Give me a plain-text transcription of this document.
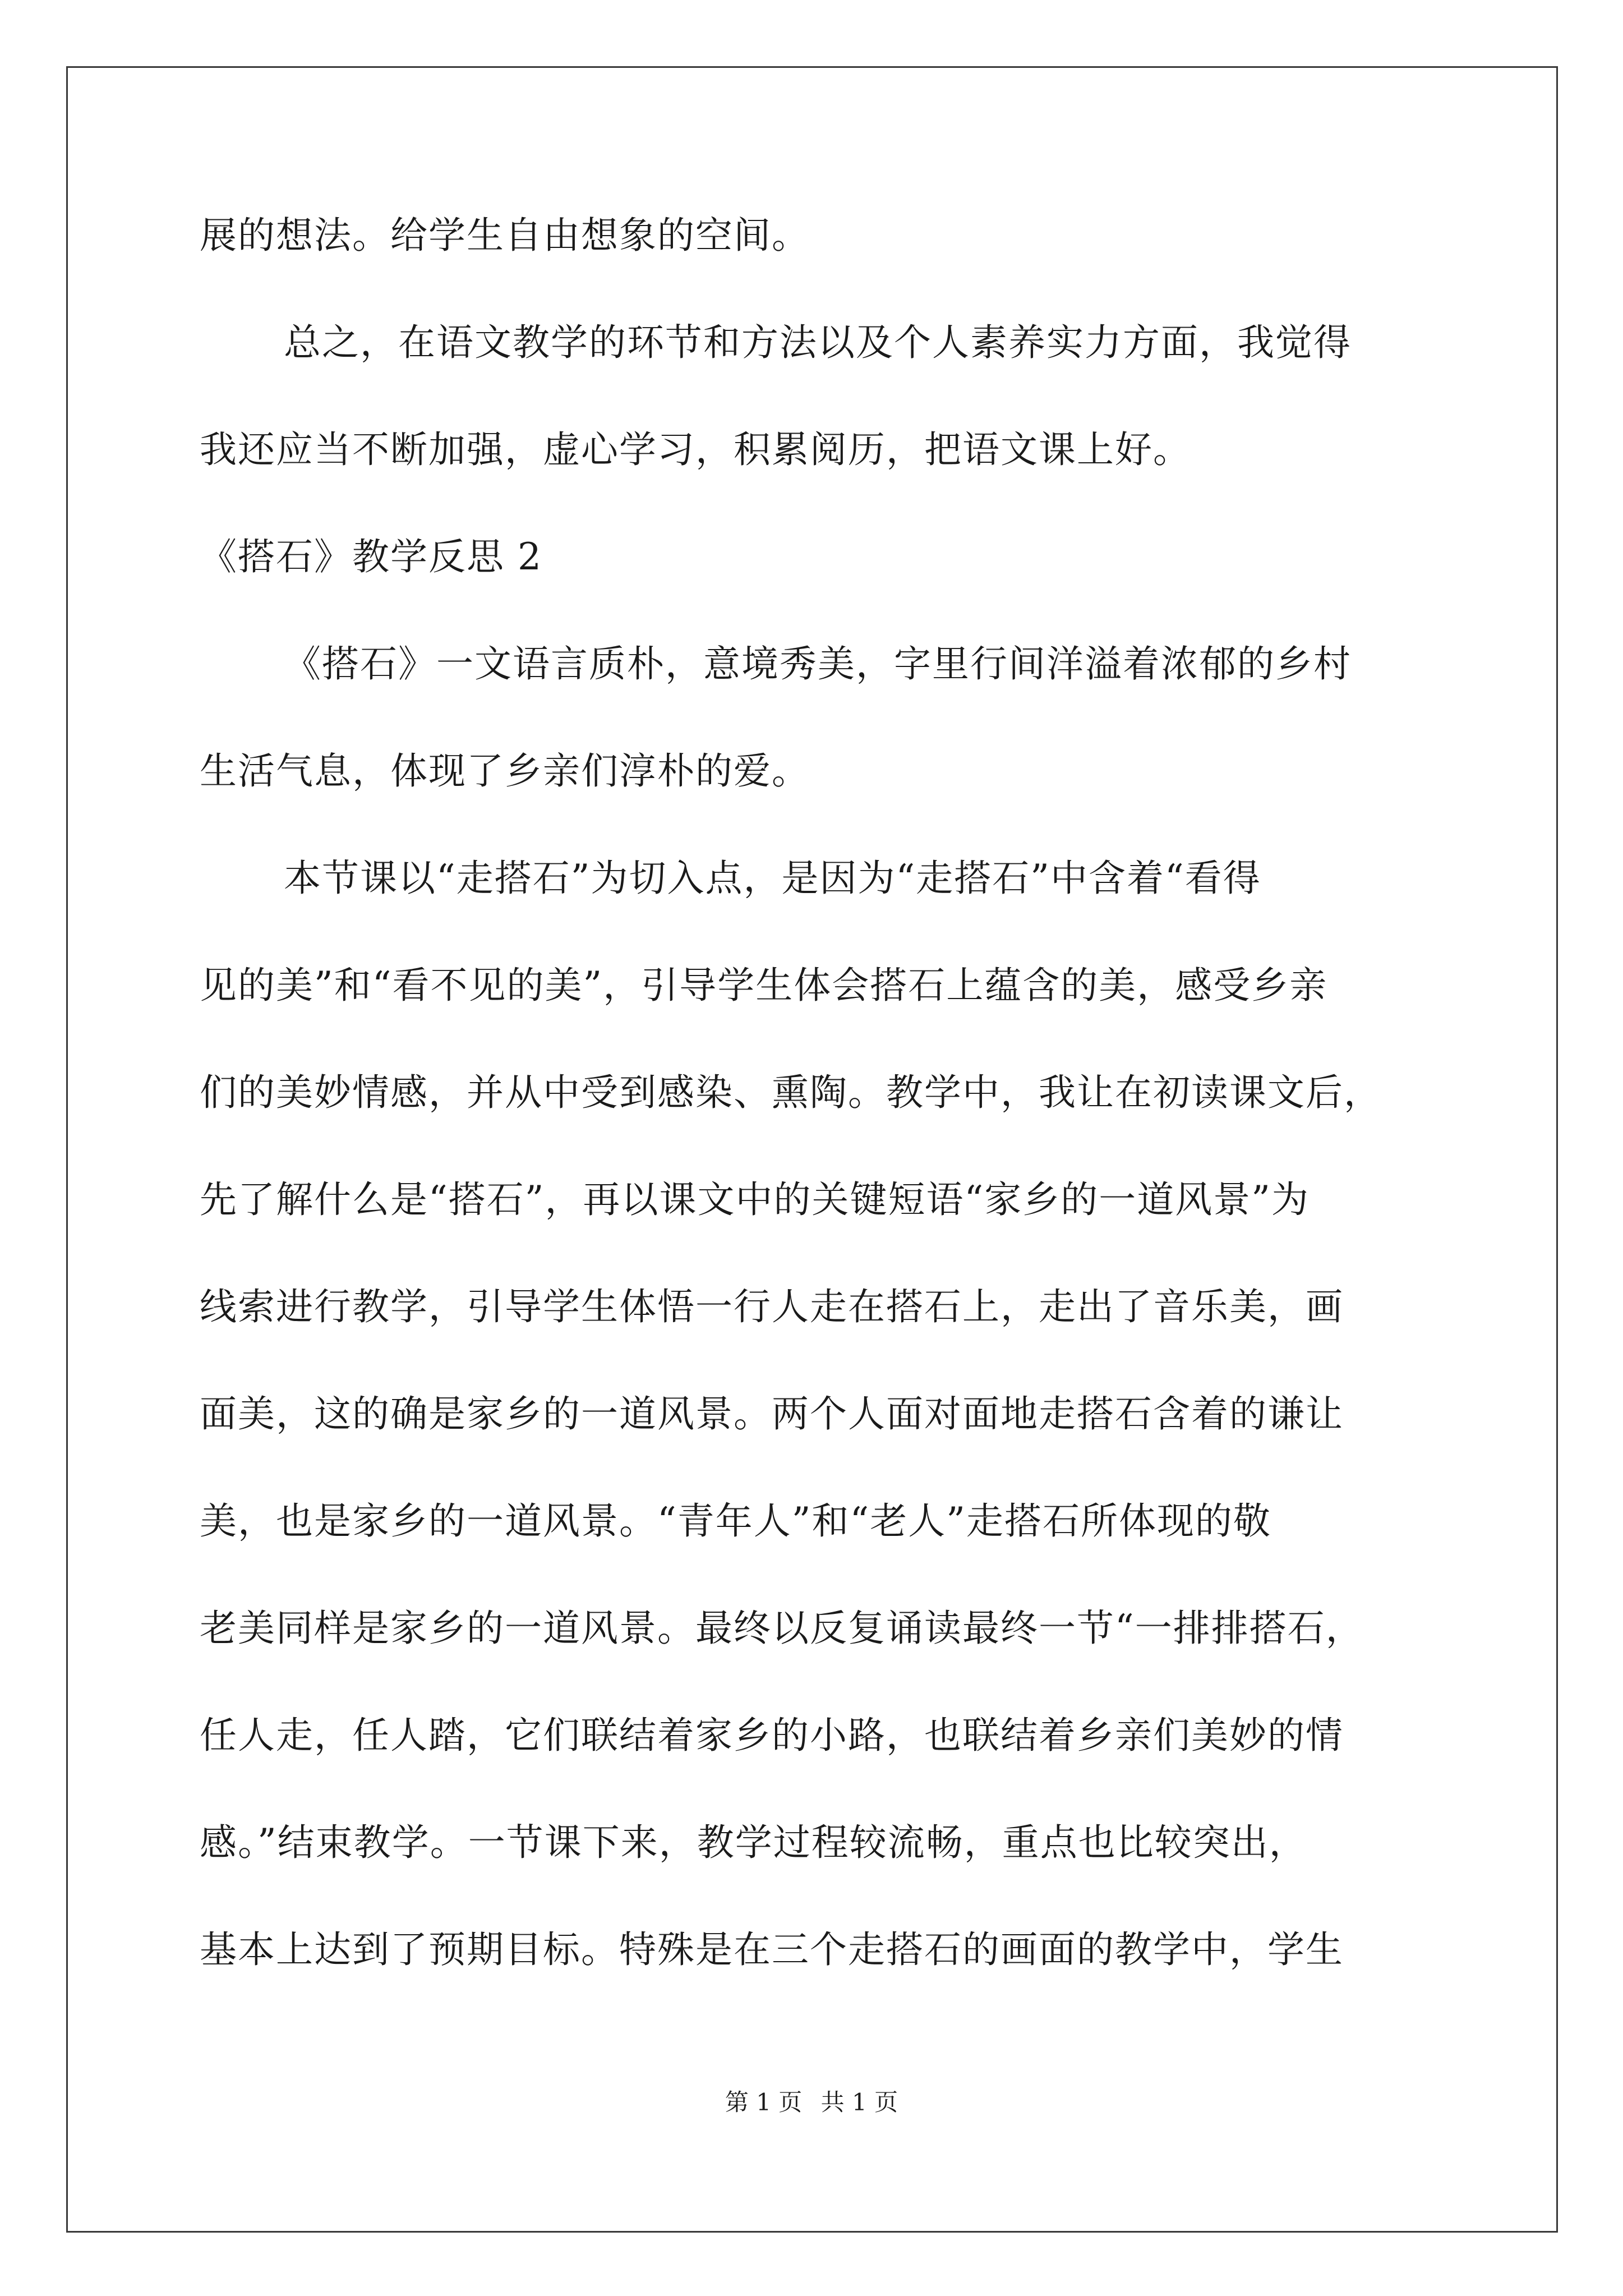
展的想法。给学生自由想象的空间。
总之，在语文教学的环节和方法以及个人素养实力方面，我觉得
我还应当不断加强，虚心学习，积累阅历，把语文课上好。
《搭石》教学反思 2
《搭石》一文语言质朴，意境秀美，字里行间洋溢着浓郁的乡村
生活气息，体现了乡亲们淳朴的爱。
本节课以“走搭石”为切入点，是因为“走搭石”中含着“看得
见的美”和“看不见的美”，引导学生体会搭石上蕴含的美，感受乡亲
们的美妙情感，并从中受到感染、熏陶。教学中，我让在初读课文后，
先了解什么是“搭石”，再以课文中的关键短语“家乡的一道风景”为
线索进行教学，引导学生体悟一行人走在搭石上，走出了音乐美，画
面美，这的确是家乡的一道风景。两个人面对面地走搭石含着的谦让
美，也是家乡的一道风景。“青年人”和“老人”走搭石所体现的敬
老美同样是家乡的一道风景。最终以反复诵读最终一节“一排排搭石，
任人走，任人踏，它们联结着家乡的小路，也联结着乡亲们美妙的情
感。”结束教学。一节课下来，教学过程较流畅，重点也比较突出，
基本上达到了预期目标。特殊是在三个走搭石的画面的教学中，学生
第 1 页 共 1 页
